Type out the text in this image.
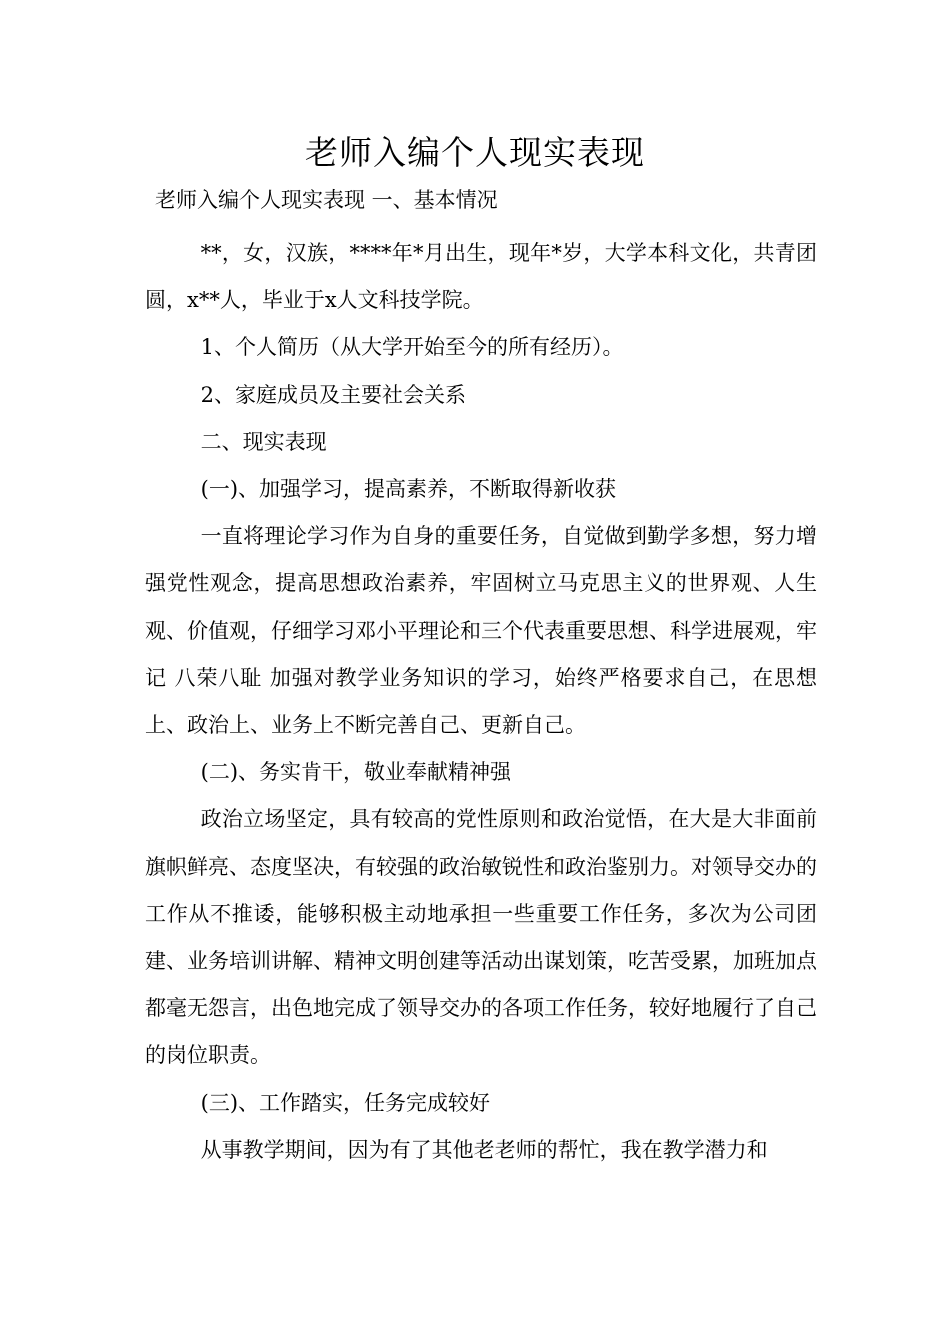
老师入编个人现实表现
老师入编个人现实表现 一、基本情况

**，女，汉族，****年*月出生，现年*岁，大学本科文化，共青团圆，x**人，毕业于x人文科技学院。

1、个人简历（从大学开始至今的所有经历）。

2、家庭成员及主要社会关系

二、现实表现

(一)、加强学习，提高素养，不断取得新收获

一直将理论学习作为自身的重要任务，自觉做到勤学多想，努力增强党性观念，提高思想政治素养，牢固树立马克思主义的世界观、人生观、价值观，仔细学习邓小平理论和三个代表重要思想、科学进展观，牢记 八荣八耻 加强对教学业务知识的学习，始终严格要求自己，在思想上、政治上、业务上不断完善自己、更新自己。

(二)、务实肯干，敬业奉献精神强

政治立场坚定，具有较高的党性原则和政治觉悟，在大是大非面前旗帜鲜亮、态度坚决，有较强的政治敏锐性和政治鉴别力。对领导交办的工作从不推诿，能够积极主动地承担一些重要工作任务，多次为公司团建、业务培训讲解、精神文明创建等活动出谋划策，吃苦受累，加班加点都毫无怨言，出色地完成了领导交办的各项工作任务，较好地履行了自己的岗位职责。

(三)、工作踏实，任务完成较好

从事教学期间，因为有了其他老老师的帮忙，我在教学潜力和
